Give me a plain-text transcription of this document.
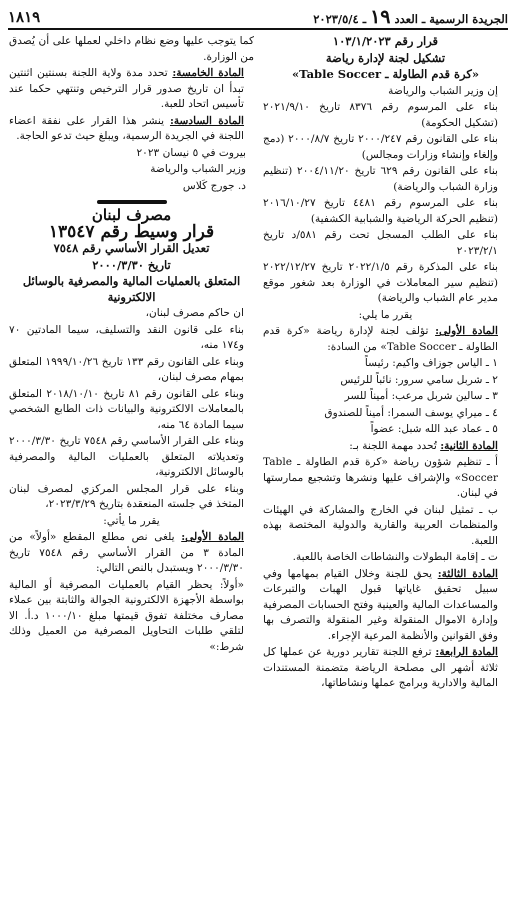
الجريدة الرسمية ـ العدد ١٩ ـ ٢٠٢٣/٥/٤
١٨١٩

قرار رقم ١٠٣/١/٢٠٢٣

تشكيل لجنة لإدارة رياضة

«كرة قدم الطاولة ـ Table Soccer»

إن وزير الشباب والرياضة

بناء على المرسوم رقم ٨٣٧٦ تاريخ ٢٠٢١/٩/١٠ (تشكيل الحكومة)

بناء على القانون رقم ٢٠٠٠/٢٤٧ تاريخ ٢٠٠٠/٨/٧ (دمج وإلغاء وإنشاء وزارات ومجالس)

بناء على القانون رقم ٦٢٩ تاريخ ٢٠٠٤/١١/٢٠ (تنظيم وزارة الشباب والرياضة)

بناء على المرسوم رقم ٤٤٨١ تاريخ ٢٠١٦/١٠/٢٧ (تنظيم الحركة الرياضية والشبابية الكشفية)

بناء على الطلب المسجل تحت رقم ٥٨١/د تاريخ ٢٠٢٣/٢/١

بناء على المذكرة رقم ٢٠٢٢/١/٥ تاريخ ٢٠٢٢/١٢/٢٧ (تنظيم سير المعاملات في الوزارة بعد شغور موقع مدير عام الشباب والرياضة)

يقرر ما يلي:

المادة الأولى: تؤلف لجنة لإدارة رياضة «كرة قدم الطاولة ـ Table Soccer» من السادة:

١ ـ الياس جوزاف واكيم: رئيساً

٢ ـ شربل سامي سرور: نائباً للرئيس

٣ ـ سالين شربل مرعب: أميناً للسر

٤ ـ ميراي يوسف السمرا: أميناً للصندوق

٥ ـ عماد عبد الله شبل: عضواً

المادة الثانية: تُحدد مهمة اللجنة بـ:

أ ـ تنظيم شؤون رياضة «كرة قدم الطاولة ـ Table Soccer» والإشراف عليها ونشرها وتشجيع ممارستها في لبنان.

ب ـ تمثيل لبنان في الخارج والمشاركة في الهيئات والمنظمات العربية والقارية والدولية المختصة بهذه اللعبة.

ت ـ إقامة البطولات والنشاطات الخاصة باللعبة.

المادة الثالثة: يحق للجنة وخلال القيام بمهامها وفي سبيل تحقيق غاياتها قبول الهبات والتبرعات والمساعدات المالية والعينية وفتح الحسابات المصرفية وإدارة الاموال المنقولة وغير المنقولة والتصرف بها وفق القوانين والأنظمة المرعية الإجراء.

المادة الرابعة: ترفع اللجنة تقارير دورية عن عملها كل ثلاثة أشهر الى مصلحة الرياضة متضمنة المستندات المالية والادارية وبرامج عملها ونشاطاتها،

كما يتوجب عليها وضع نظام داخلي لعملها على أن يُصدق من الوزارة.

المادة الخامسة: تحدد مدة ولاية اللجنة بسنتين اثنتين تبدأ ان تاريخ صدور قرار الترخيص وتنتهي حكما عند تأسيس اتحاد للعبة.

المادة السادسة: ينشر هذا القرار على نفقة اعضاء اللجنة في الجريدة الرسمية، ويبلغ حيث تدعو الحاجة.

بيروت في ٥ نيسان ٢٠٢٣

وزير الشباب والرياضة

د. جورج كَلاس

مصرف لبنان

قرار وسيط رقم ١٣٥٤٧

تعديل القرار الأساسي رقم ٧٥٤٨

تاريخ ٢٠٠٠/٣/٣٠

المتعلق بالعمليات المالية والمصرفية بالوسائل الالكترونية

ان حاكم مصرف لبنان،

بناء على قانون النقد والتسليف، سيما المادتين ٧٠ و١٧٤ منه،

وبناء على القانون رقم ١٣٣ تاريخ ١٩٩٩/١٠/٢٦ المتعلق بمهام مصرف لبنان،

وبناء على القانون رقم ٨١ تاريخ ٢٠١٨/١٠/١٠ المتعلق بالمعاملات الالكترونية والبيانات ذات الطابع الشخصي سيما المادة ٦٤ منه،

وبناء على القرار الأساسي رقم ٧٥٤٨ تاريخ ٢٠٠٠/٣/٣٠ وتعديلاته المتعلق بالعمليات المالية والمصرفية بالوسائل الالكترونية،

وبناء على قرار المجلس المركزي لمصرف لبنان المتخذ في جلسته المنعقدة بتاريخ ٢٠٢٣/٣/٢٩،

يقرر ما يأتي:

المادة الأولى: يلغى نص مطلع المقطع «أولاً» من المادة ٣ من القرار الأساسي رقم ٧٥٤٨ تاريخ ٢٠٠٠/٣/٣٠ ويستبدل بالنص التالي:

«أولاً: يحظر القيام بالعمليات المصرفية أو المالية بواسطة الأجهزة الالكترونية الجوالة والثابتة بين عملاء مصارف مختلفة تفوق قيمتها مبلغ ١٠٠٠/١٠ د.أ. الا لتلقي طلبات التحاويل المصرفية من العميل وذلك شرط:»
